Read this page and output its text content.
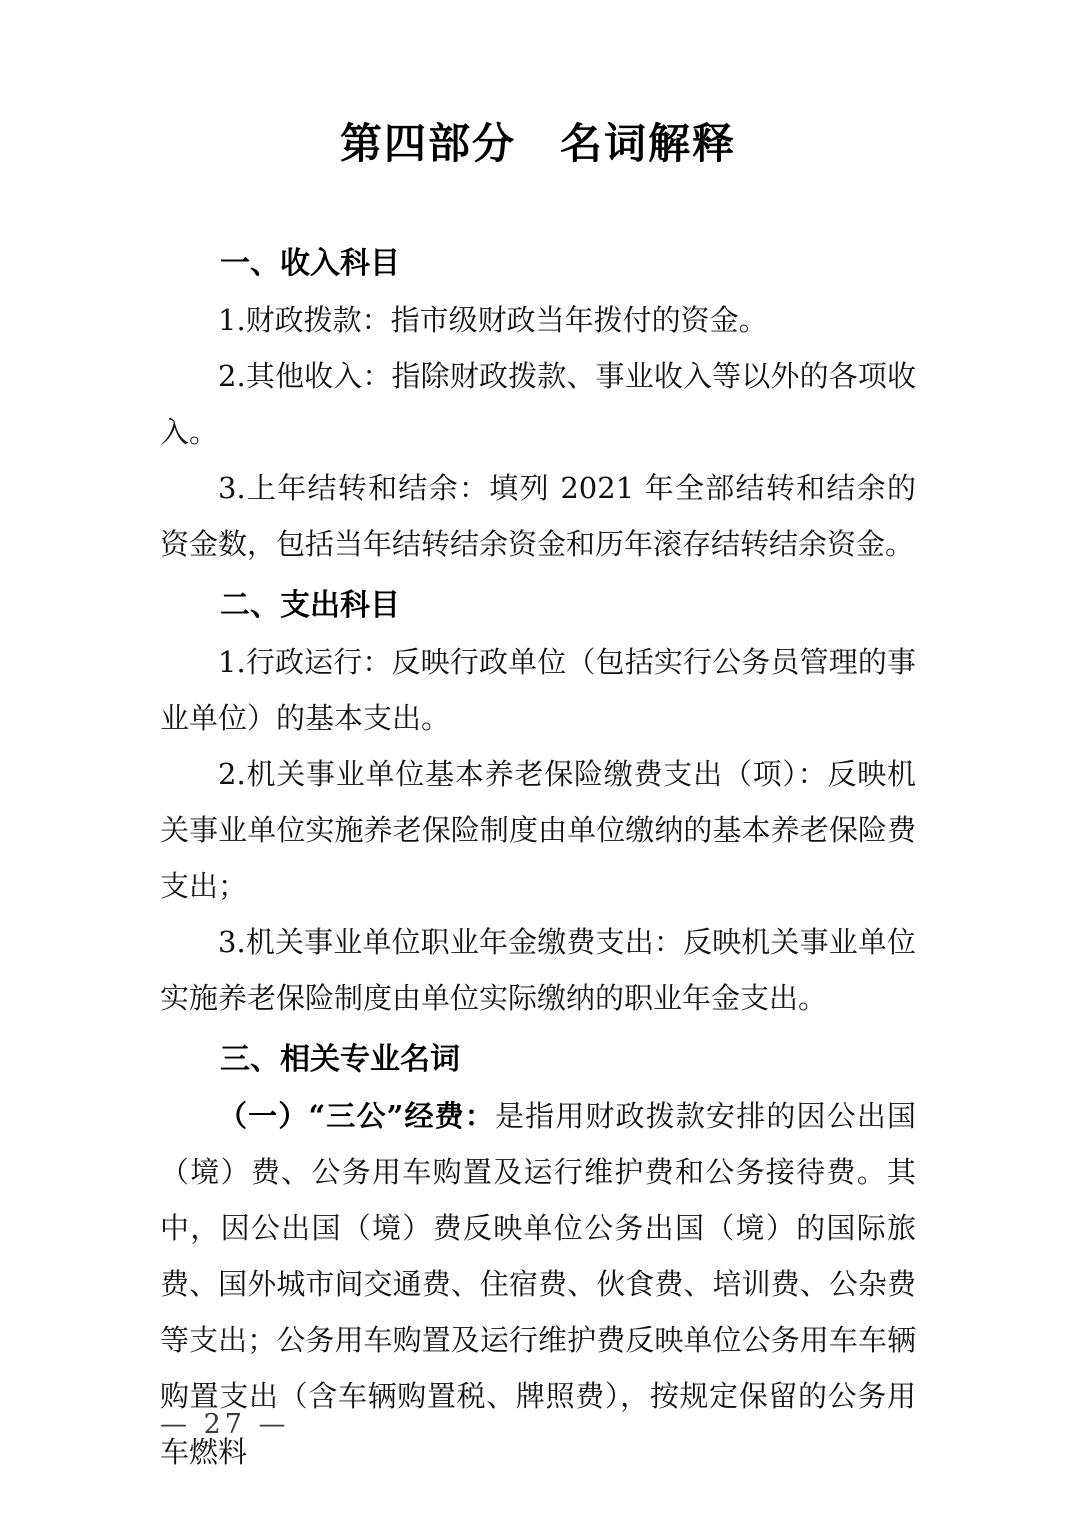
第四部分　名词解释
一、收入科目

1.财政拨款：指市级财政当年拨付的资金。

2.其他收入：指除财政拨款、事业收入等以外的各项收入。

3.上年结转和结余：填列 2021 年全部结转和结余的资金数，包括当年结转结余资金和历年滚存结转结余资金。

二、支出科目

1.行政运行：反映行政单位（包括实行公务员管理的事业单位）的基本支出。

2.机关事业单位基本养老保险缴费支出（项）：反映机关事业单位实施养老保险制度由单位缴纳的基本养老保险费支出；

3.机关事业单位职业年金缴费支出：反映机关事业单位实施养老保险制度由单位实际缴纳的职业年金支出。

三、相关专业名词

（一）“三公”经费：是指用财政拨款安排的因公出国（境）费、公务用车购置及运行维护费和公务接待费。其中，因公出国（境）费反映单位公务出国（境）的国际旅费、国外城市间交通费、住宿费、伙食费、培训费、公杂费等支出；公务用车购置及运行维护费反映单位公务用车车辆购置支出（含车辆购置税、牌照费），按规定保留的公务用车燃料

— 27 —
